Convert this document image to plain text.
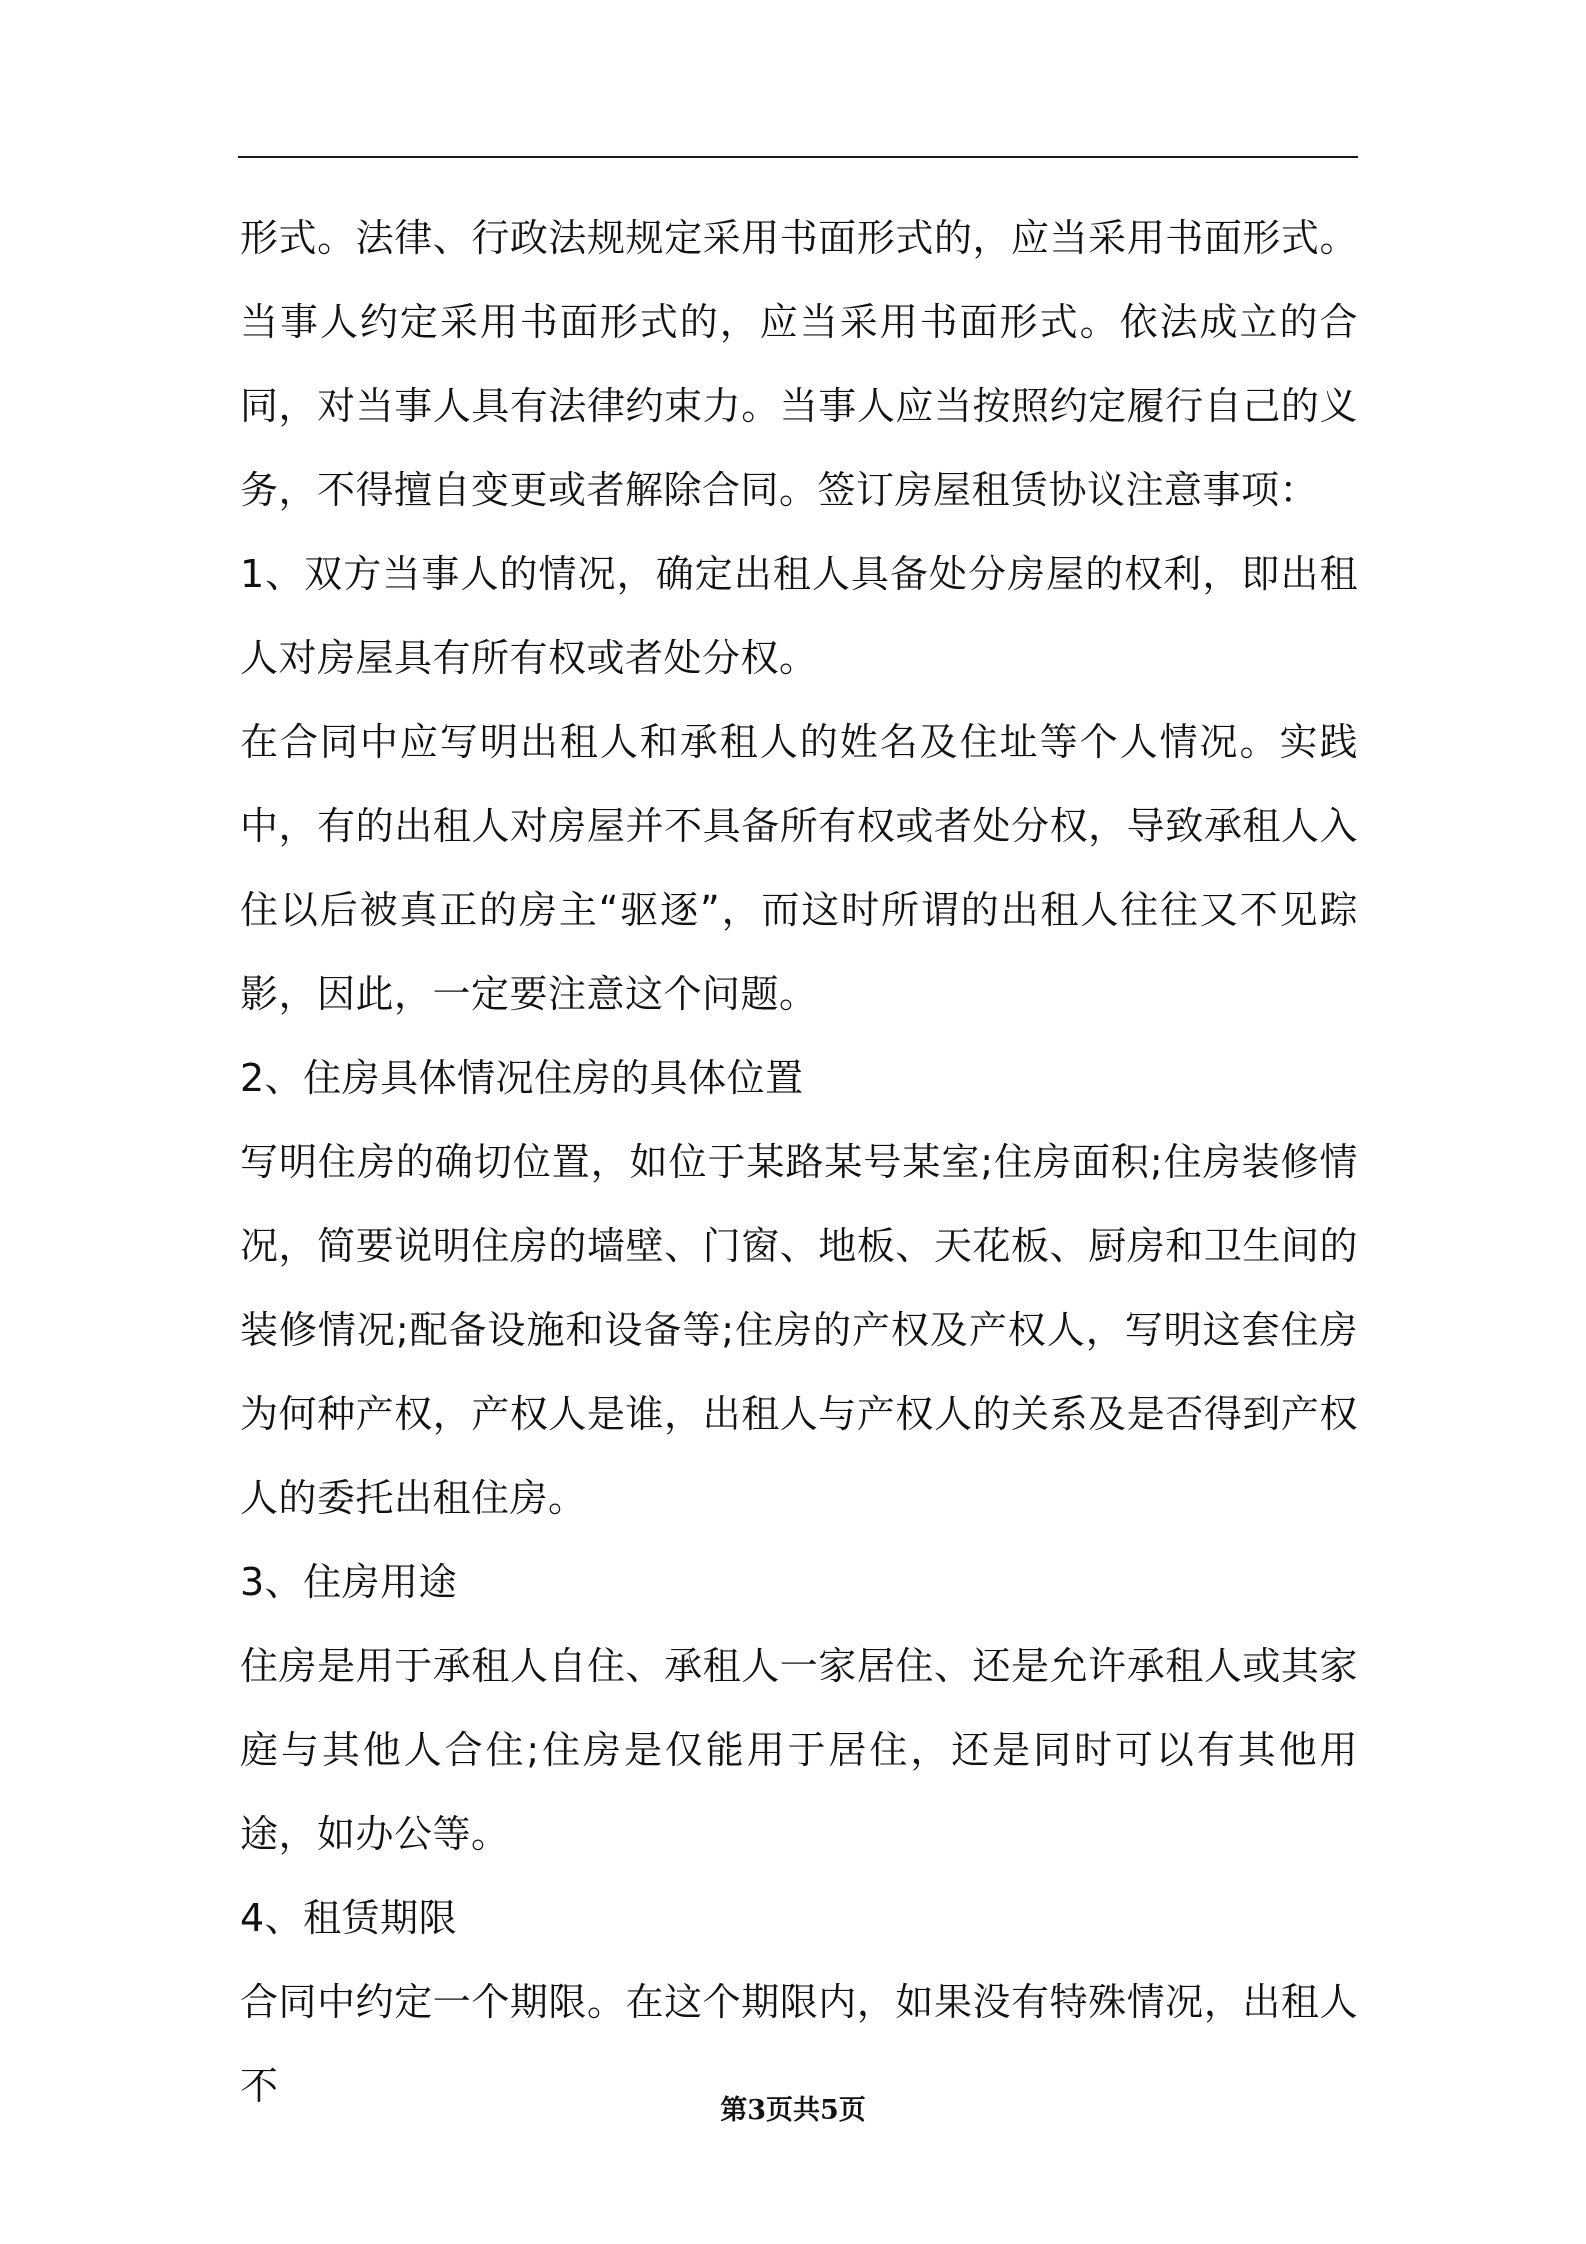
形式。法律、行政法规规定采用书面形式的，应当采用书面形式。当事人约定采用书面形式的，应当采用书面形式。依法成立的合同，对当事人具有法律约束力。当事人应当按照约定履行自己的义务，不得擅自变更或者解除合同。签订房屋租赁协议注意事项：

1、双方当事人的情况，确定出租人具备处分房屋的权利，即出租人对房屋具有所有权或者处分权。

在合同中应写明出租人和承租人的姓名及住址等个人情况。实践中，有的出租人对房屋并不具备所有权或者处分权，导致承租人入住以后被真正的房主“驱逐”，而这时所谓的出租人往往又不见踪影，因此，一定要注意这个问题。

2、住房具体情况住房的具体位置

写明住房的确切位置，如位于某路某号某室;住房面积;住房装修情况，简要说明住房的墙壁、门窗、地板、天花板、厨房和卫生间的装修情况;配备设施和设备等;住房的产权及产权人，写明这套住房为何种产权，产权人是谁，出租人与产权人的关系及是否得到产权人的委托出租住房。

3、住房用途

住房是用于承租人自住、承租人一家居住、还是允许承租人或其家庭与其他人合住;住房是仅能用于居住，还是同时可以有其他用途，如办公等。

4、租赁期限

合同中约定一个期限。在这个期限内，如果没有特殊情况，出租人不

第3页共5页
